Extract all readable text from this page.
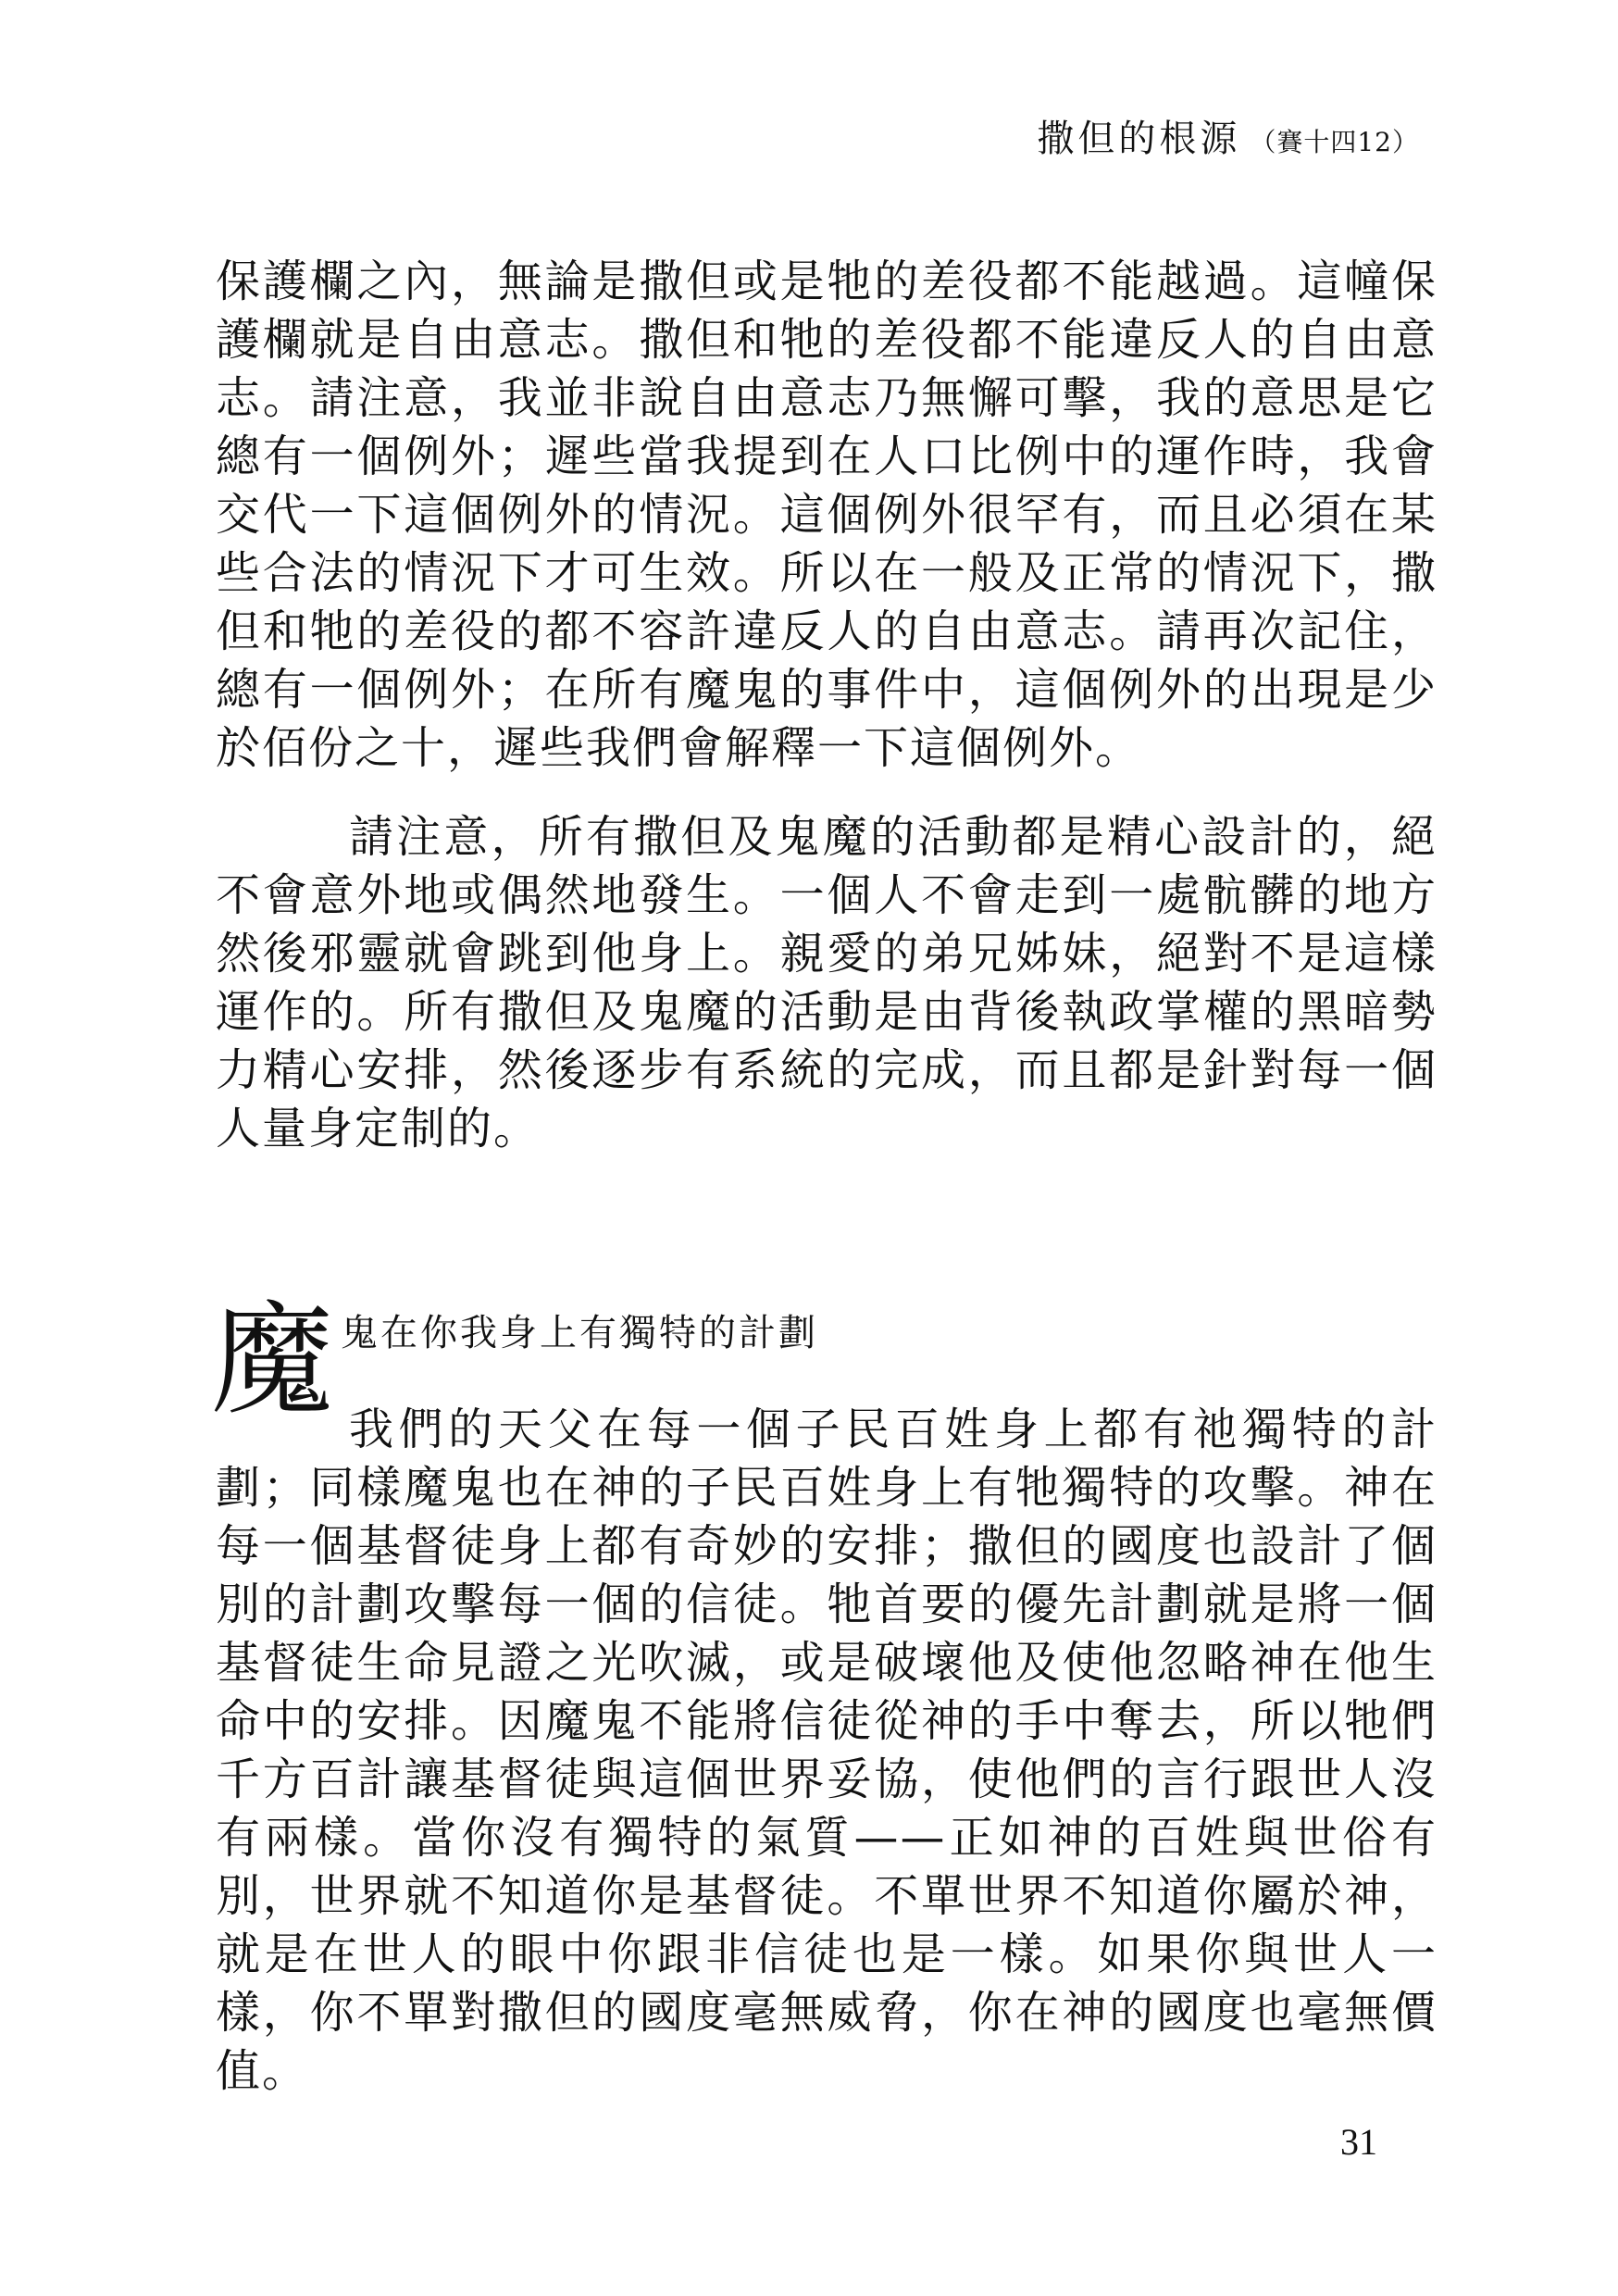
撒但的根源 （賽十四12）

保護欄之內，無論是撒但或是牠的差役都不能越過。這幢保護欄就是自由意志。撒但和牠的差役都不能違反人的自由意志。請注意，我並非說自由意志乃無懈可擊，我的意思是它總有一個例外；遲些當我提到在人口比例中的運作時，我會交代一下這個例外的情況。這個例外很罕有，而且必須在某些合法的情況下才可生效。所以在一般及正常的情況下，撒但和牠的差役的都不容許違反人的自由意志。請再次記住，總有一個例外；在所有魔鬼的事件中，這個例外的出現是少於佰份之十，遲些我們會解釋一下這個例外。

請注意，所有撒但及鬼魔的活動都是精心設計的，絕不會意外地或偶然地發生。一個人不會走到一處骯髒的地方然後邪靈就會跳到他身上。親愛的弟兄姊妹，絕對不是這樣運作的。所有撒但及鬼魔的活動是由背後執政掌權的黑暗勢力精心安排，然後逐步有系統的完成，而且都是針對每一個人量身定制的。

魔 鬼在你我身上有獨特的計劃

我們的天父在每一個子民百姓身上都有祂獨特的計劃；同樣魔鬼也在神的子民百姓身上有牠獨特的攻擊。神在每一個基督徒身上都有奇妙的安排；撒但的國度也設計了個別的計劃攻擊每一個的信徒。牠首要的優先計劃就是將一個基督徒生命見證之光吹滅，或是破壞他及使他忽略神在他生命中的安排。因魔鬼不能將信徒從神的手中奪去，所以牠們千方百計讓基督徒與這個世界妥協，使他們的言行跟世人沒有兩樣。當你沒有獨特的氣質——正如神的百姓與世俗有別，世界就不知道你是基督徒。不單世界不知道你屬於神，就是在世人的眼中你跟非信徒也是一樣。如果你與世人一樣，你不單對撒但的國度毫無威脅，你在神的國度也毫無價值。

31
